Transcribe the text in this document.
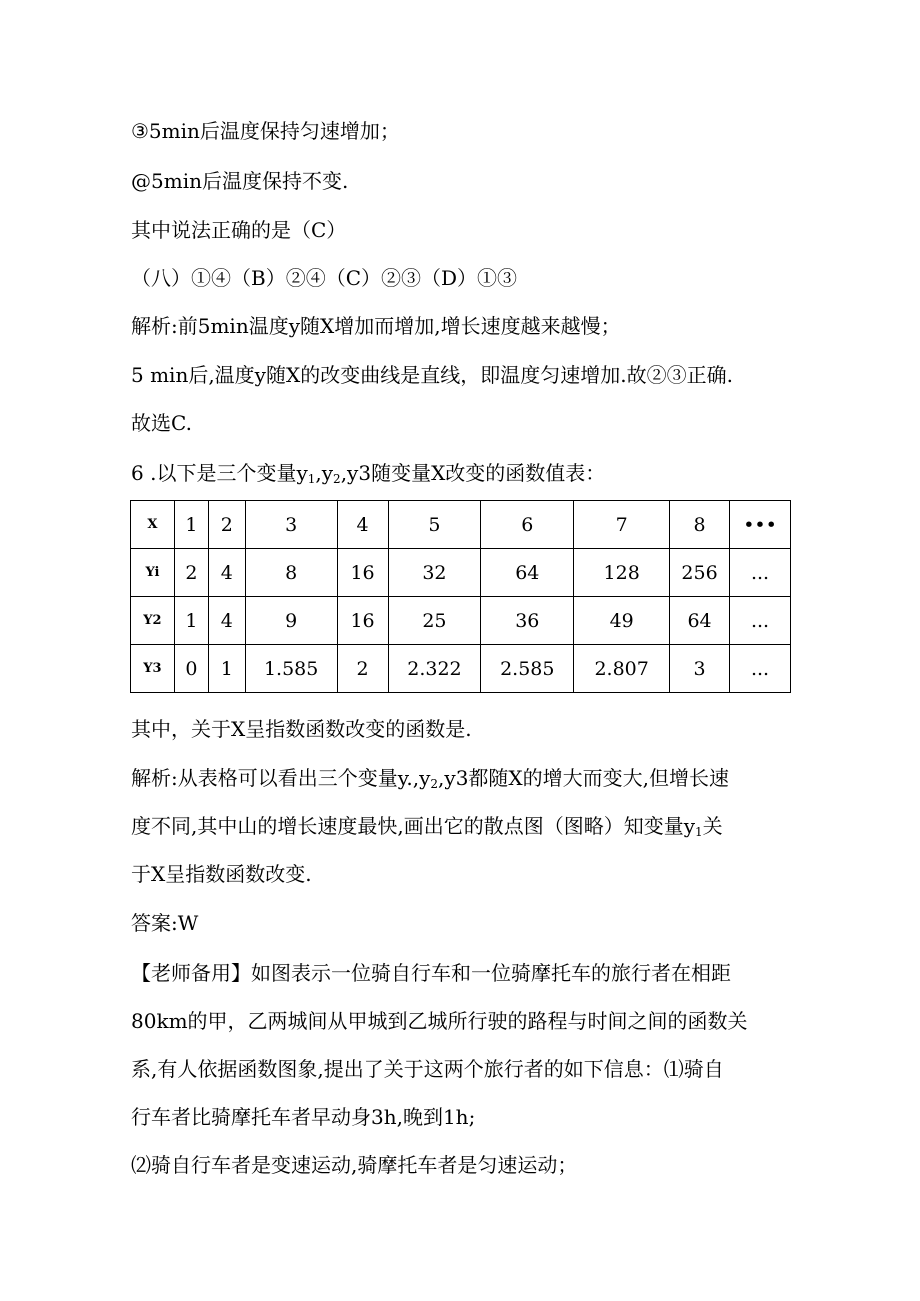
③5min后温度保持匀速增加；
@5min后温度保持不变.
其中说法正确的是（C）
（八）①④（B）②④（C）②③（D）①③
解析:前5min温度y随X增加而增加,增长速度越来越慢；
5 min后,温度y随X的改变曲线是直线，即温度匀速增加.故②③正确.
故选C.
6 .以下是三个变量$y_1,y_2,y3$随变量X改变的函数值表：
X	1	2	3	4	5	6	7	8	•••
Yi	2	4	8	16	32	64	128	256	...
Y2	1	4	9	16	25	36	49	64	...
Y3	0	1	1.585	2	2.322	2.585	2.807	3	...
其中，关于X呈指数函数改变的函数是.
解析:从表格可以看出三个变量$y.,y_2,y3$都随X的增大而变大,但增长速
度不同,其中山的增长速度最快,画出它的散点图（图略）知变量$y_1$关
于X呈指数函数改变.
答案:W
【老师备用】如图表示一位骑自行车和一位骑摩托车的旅行者在相距
80km的甲，乙两城间从甲城到乙城所行驶的路程与时间之间的函数关
系,有人依据函数图象,提出了关于这两个旅行者的如下信息：⑴骑自
行车者比骑摩托车者早动身3h,晚到1h;
⑵骑自行车者是变速运动,骑摩托车者是匀速运动；
